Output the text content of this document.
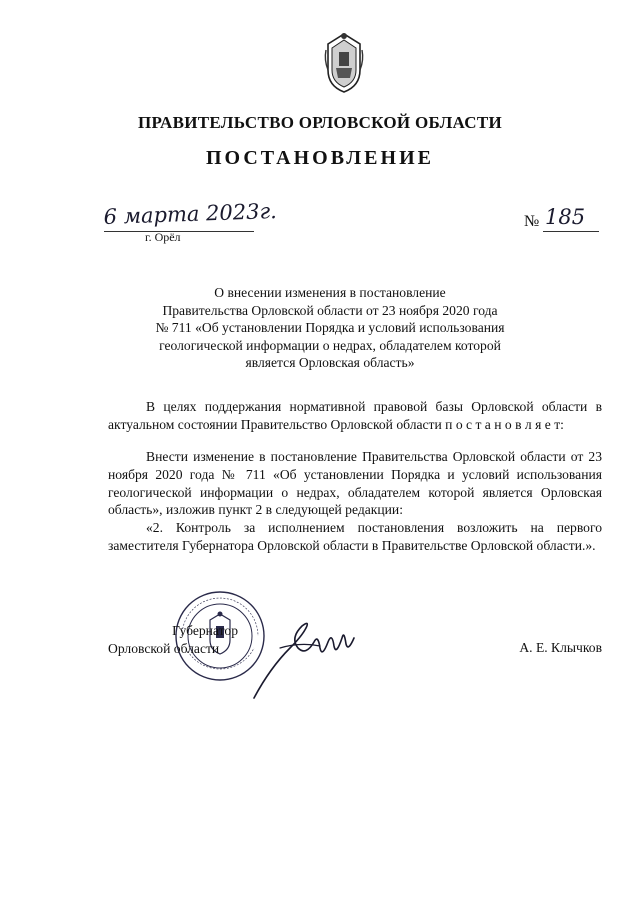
ПРАВИТЕЛЬСТВО ОРЛОВСКОЙ ОБЛАСТИ
ПОСТАНОВЛЕНИЕ
6 марта 2023г.
г. Орёл
№ 185
О внесении изменения в постановление
Правительства Орловской области от 23 ноября 2020 года
№ 711 «Об установлении Порядка и условий использования
геологической информации о недрах, обладателем которой
является Орловская область»
В целях поддержания нормативной правовой базы Орловской области в актуальном состоянии Правительство Орловской области п о с т а н о в л я е т:
Внести изменение в постановление Правительства Орловской области от 23 ноября 2020 года № 711 «Об установлении Порядка и условий использования геологической информации о недрах, обладателем которой является Орловская область», изложив пункт 2 в следующей редакции:
«2. Контроль за исполнением постановления возложить на первого заместителя Губернатора Орловской области в Правительстве Орловской области.».
Губернатор
Орловской области	А. Е. Клычков
